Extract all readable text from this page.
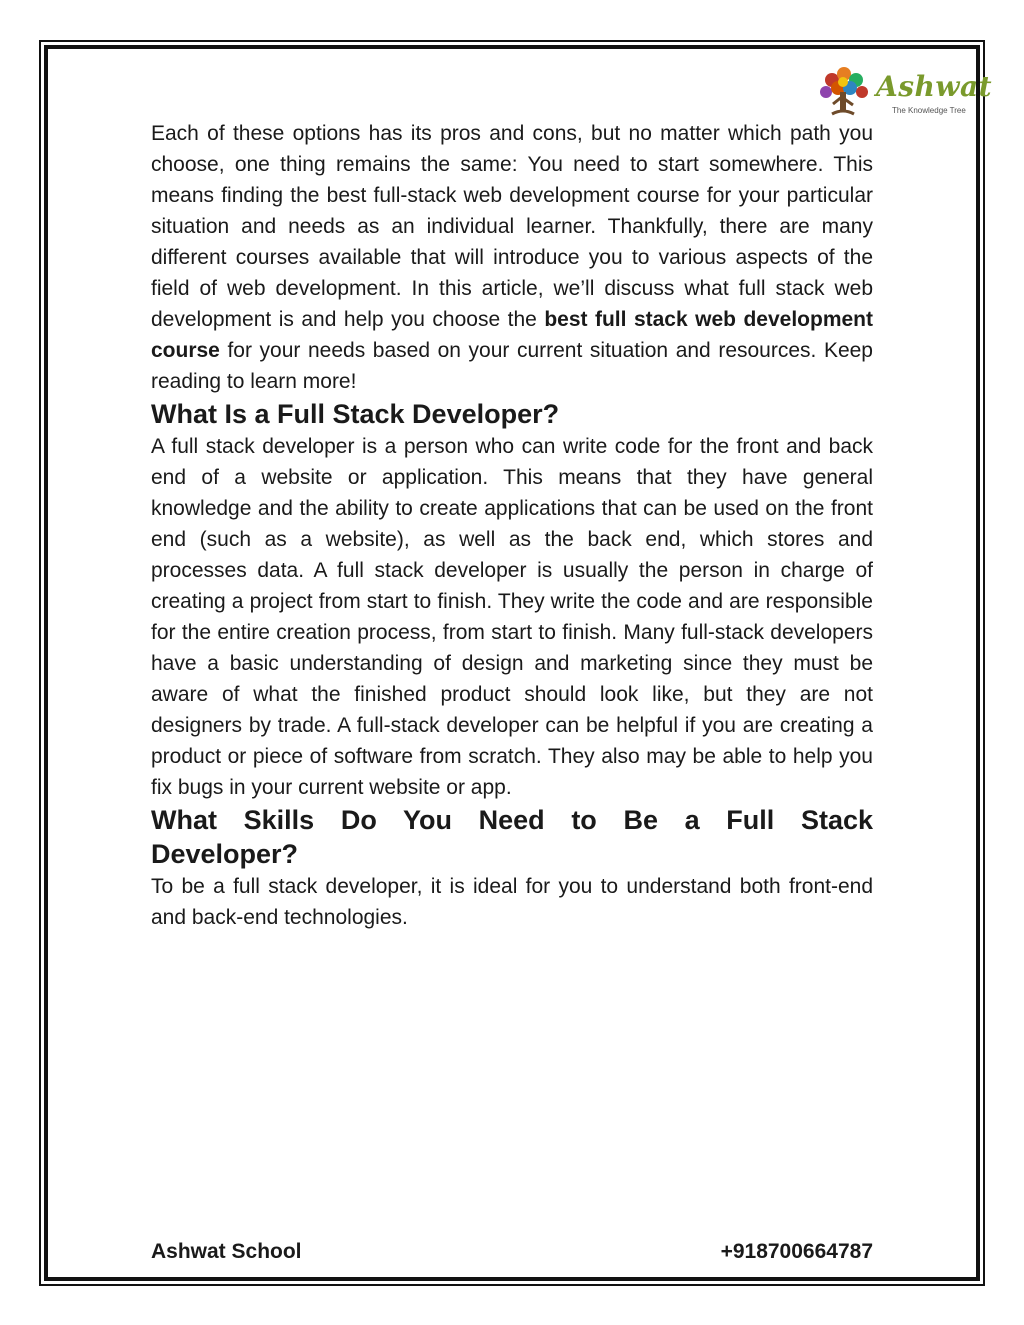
Ashwat
The Knowledge Tree

Each of these options has its pros and cons, but no matter which path you choose, one thing remains the same: You need to start somewhere. This means finding the best full-stack web development course for your particular situation and needs as an individual learner. Thankfully, there are many different courses available that will introduce you to various aspects of the field of web development. In this article, we’ll discuss what full stack web development is and help you choose the best full stack web development course for your needs based on your current situation and resources. Keep reading to learn more!

What Is a Full Stack Developer?

A full stack developer is a person who can write code for the front and back end of a website or application. This means that they have general knowledge and the ability to create applications that can be used on the front end (such as a website), as well as the back end, which stores and processes data. A full stack developer is usually the person in charge of creating a project from start to finish. They write the code and are responsible for the entire creation process, from start to finish. Many full-stack developers have a basic understanding of design and marketing since they must be aware of what the finished product should look like, but they are not designers by trade. A full-stack developer can be helpful if you are creating a product or piece of software from scratch. They also may be able to help you fix bugs in your current website or app.

What Skills Do You Need to Be a Full Stack Developer?

To be a full stack developer, it is ideal for you to understand both front-end and back-end technologies.

Ashwat School	+918700664787
